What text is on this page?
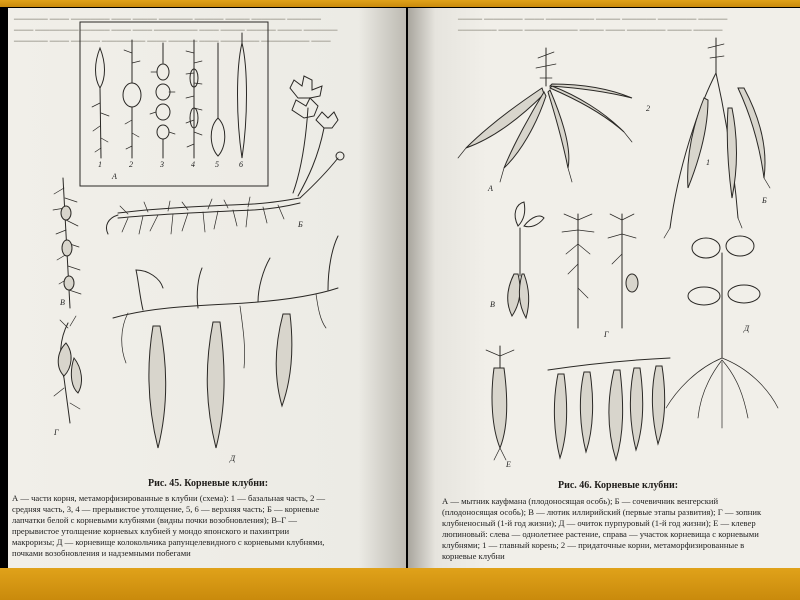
━━━━━━━ ━━━━ ━━━━━━━━ ━━━━ ━━━━━ ━━━━━━━ ━━━━━━ ━━━━━ ━━━━━━━ ━━━━━━━
━━━━ ━━━━━━━━━ ━━━━━━ ━━━━ ━━━━ ━━━━━━━━━ ━━━━ ━━━━━ ━━━━━━ ━━━━━ ━━━━━━━
━━━━━━━ ━━━━ ━━━━━━ ━━━━━━━━━ ━━━━ ━━━━━━ ━━━━ ━━━━━━━━ ━━━━━━━━━━ ━━━━
1	2	3	4	5	6
А
Б
В
Г
Д
Рис. 45. Корневые клубни:
А — части корня, метаморфизированные в клубни (схема): 1 — базальная часть, 2 —
средняя часть, 3, 4 — прерывистое утолщение, 5, 6 — верхняя часть; Б — корневые
лапчатки белой с корневыми клубнями (видны почки возобновления); В–Г —
прерывистое утолщение корневых клубней у мондо японского и пахинтрии
макроризы; Д — корневище колокольчика рапунцелевидного с корневыми клубнями,
почками возобновления и надземными побегами
━━━━━ ━━━━━━━━ ━━━━ ━━━━━━━━━━ ━━━━━ ━━━━━━━ ━━━━━━━━ ━━━━━━
━━━━━━━━ ━━━━━ ━━━━━━━━━━━ ━━━━━ ━━━━ ━━━━━━━━ ━━━━━ ━━━━━━
А
2
Б
1
В
Г
Д
Е
Рис. 46. Корневые клубни:
А — мытник кауфмана (плодоносящая особь); Б — сочевичник венгерский
(плодоносящая особь); В — лютик иллирийский (первые этапы развития); Г — зопник
клубненосный (1-й год жизни); Д — очиток пурпуровый (1-й год жизни); Е — клевер
люпиновый: слева — однолетнее растение, справа — участок корневища с корневыми
клубнями; 1 — главный корень; 2 — придаточные корни, метаморфизированные в
корневые клубни
